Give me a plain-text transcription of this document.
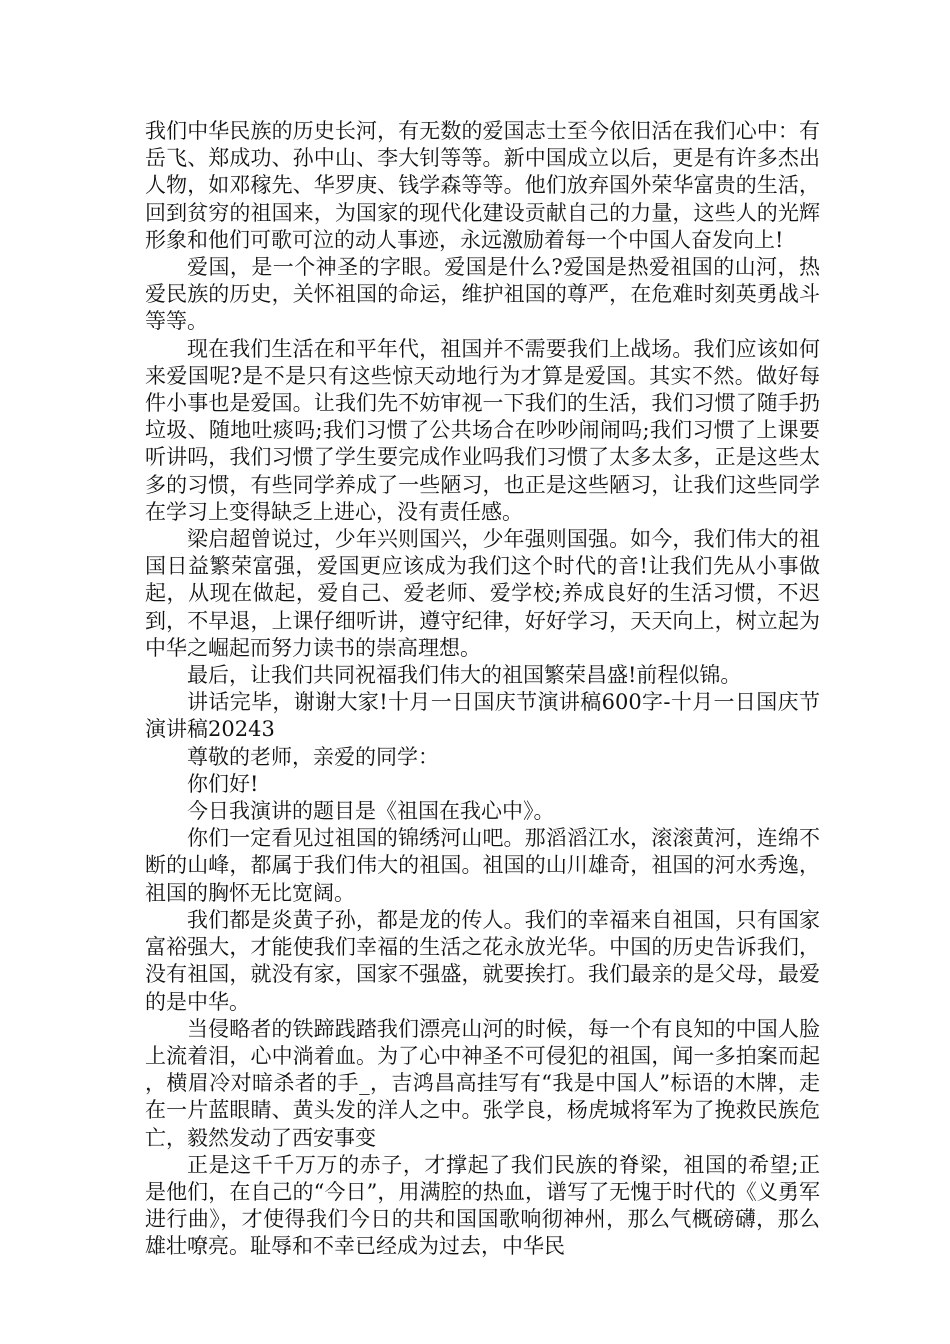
我们中华民族的历史长河，有无数的爱国志士至今依旧活在我们心中：有岳飞、郑成功、孙中山、李大钊等等。新中国成立以后，更是有许多杰出人物，如邓稼先、华罗庚、钱学森等等。他们放弃国外荣华富贵的生活，回到贫穷的祖国来，为国家的现代化建设贡献自己的力量，这些人的光辉形象和他们可歌可泣的动人事迹，永远激励着每一个中国人奋发向上!

爱国，是一个神圣的字眼。爱国是什么?爱国是热爱祖国的山河，热爱民族的历史，关怀祖国的命运，维护祖国的尊严，在危难时刻英勇战斗等等。

现在我们生活在和平年代，祖国并不需要我们上战场。我们应该如何来爱国呢?是不是只有这些惊天动地行为才算是爱国。其实不然。做好每件小事也是爱国。让我们先不妨审视一下我们的生活，我们习惯了随手扔垃圾、随地吐痰吗;我们习惯了公共场合在吵吵闹闹吗;我们习惯了上课要听讲吗，我们习惯了学生要完成作业吗我们习惯了太多太多，正是这些太多的习惯，有些同学养成了一些陋习，也正是这些陋习，让我们这些同学在学习上变得缺乏上进心，没有责任感。

梁启超曾说过，少年兴则国兴，少年强则国强。如今，我们伟大的祖国日益繁荣富强，爱国更应该成为我们这个时代的音!让我们先从小事做起，从现在做起，爱自己、爱老师、爱学校;养成良好的生活习惯，不迟到，不早退，上课仔细听讲，遵守纪律，好好学习，天天向上，树立起为中华之崛起而努力读书的崇高理想。

最后，让我们共同祝福我们伟大的祖国繁荣昌盛!前程似锦。

讲话完毕，谢谢大家!十月一日国庆节演讲稿600字-十月一日国庆节演讲稿20243

尊敬的老师，亲爱的同学：

你们好!

今日我演讲的题目是《祖国在我心中》。

你们一定看见过祖国的锦绣河山吧。那滔滔江水，滚滚黄河，连绵不断的山峰，都属于我们伟大的祖国。祖国的山川雄奇，祖国的河水秀逸，祖国的胸怀无比宽阔。

我们都是炎黄子孙，都是龙的传人。我们的幸福来自祖国，只有国家富裕强大，才能使我们幸福的生活之花永放光华。中国的历史告诉我们，没有祖国，就没有家，国家不强盛，就要挨打。我们最亲的是父母，最爱的是中华。

当侵略者的铁蹄践踏我们漂亮山河的时候，每一个有良知的中国人脸上流着泪，心中淌着血。为了心中神圣不可侵犯的祖国，闻一多拍案而起，横眉冷对暗杀者的手_，吉鸿昌高挂写有“我是中国人”标语的木牌，走在一片蓝眼睛、黄头发的洋人之中。张学良，杨虎城将军为了挽救民族危亡，毅然发动了西安事变

正是这千千万万的赤子，才撑起了我们民族的脊梁，祖国的希望;正是他们，在自己的“今日”，用满腔的热血，谱写了无愧于时代的《义勇军进行曲》，才使得我们今日的共和国国歌响彻神州，那么气概磅礴，那么雄壮嘹亮。耻辱和不幸已经成为过去，中华民
